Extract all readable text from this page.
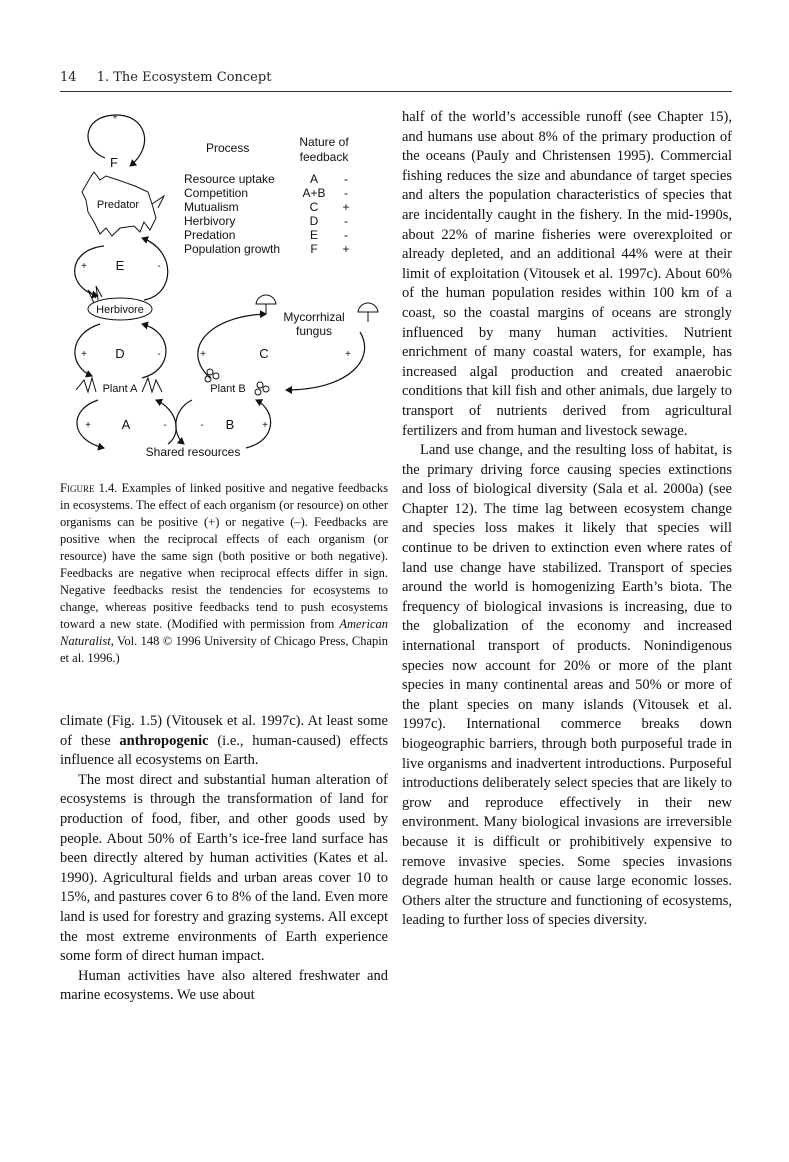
14 1. The Ecosystem Concept
+
F
Predator
Process	Nature of
feedback
Resource uptake	A -
Competition	A+B -
Mutualism	C +
Herbivory	D -
Predation	E -
Population growth	F +
+ E	-
Herbivore
+ D	-
Plant A
Mycorrhizal
fungus
+	C	+
Plant B
+ A	-	- B	+
Shared resources
Figure 1.4. Examples of linked positive and negative feedbacks in ecosystems. The effect of each organism (or resource) on other organisms can be positive (+) or negative (–). Feedbacks are positive when the reciprocal effects of each organism (or resource) have the same sign (both positive or both negative). Feedbacks are negative when reciprocal effects differ in sign. Negative feedbacks resist the tendencies for ecosystems to change, whereas positive feedbacks tend to push ecosystems toward a new state. (Modified with permission from American Naturalist, Vol. 148 © 1996 University of Chicago Press, Chapin et al. 1996.)

climate (Fig. 1.5) (Vitousek et al. 1997c). At least some of these anthropogenic (i.e., human-caused) effects influence all ecosystems on Earth.

The most direct and substantial human alteration of ecosystems is through the transformation of land for production of food, fiber, and other goods used by people. About 50% of Earth’s ice-free land surface has been directly altered by human activities (Kates et al. 1990). Agricultural fields and urban areas cover 10 to 15%, and pastures cover 6 to 8% of the land. Even more land is used for forestry and grazing systems. All except the most extreme environments of Earth experience some form of direct human impact.

Human activities have also altered freshwater and marine ecosystems. We use about

half of the world’s accessible runoff (see Chapter 15), and humans use about 8% of the primary production of the oceans (Pauly and Christensen 1995). Commercial fishing reduces the size and abundance of target species and alters the population characteristics of species that are incidentally caught in the fishery. In the mid-1990s, about 22% of marine fisheries were overexploited or already depleted, and an additional 44% were at their limit of exploitation (Vitousek et al. 1997c). About 60% of the human population resides within 100 km of a coast, so the coastal margins of oceans are strongly influenced by many human activities. Nutrient enrichment of many coastal waters, for example, has increased algal production and created anaerobic conditions that kill fish and other animals, due largely to transport of nutrients derived from agricultural fertilizers and from human and livestock sewage.

Land use change, and the resulting loss of habitat, is the primary driving force causing species extinctions and loss of biological diversity (Sala et al. 2000a) (see Chapter 12). The time lag between ecosystem change and species loss makes it likely that species will continue to be driven to extinction even where rates of land use change have stabilized. Transport of species around the world is homogenizing Earth’s biota. The frequency of biological invasions is increasing, due to the globalization of the economy and increased international transport of products. Nonindigenous species now account for 20% or more of the plant species in many continental areas and 50% or more of the plant species on many islands (Vitousek et al. 1997c). International commerce breaks down biogeographic barriers, through both purposeful trade in live organisms and inadvertent introductions. Purposeful introductions deliberately select species that are likely to grow and reproduce effectively in their new environment. Many biological invasions are irreversible because it is difficult or prohibitively expensive to remove invasive species. Some species invasions degrade human health or cause large economic losses. Others alter the structure and functioning of ecosystems, leading to further loss of species diversity.
